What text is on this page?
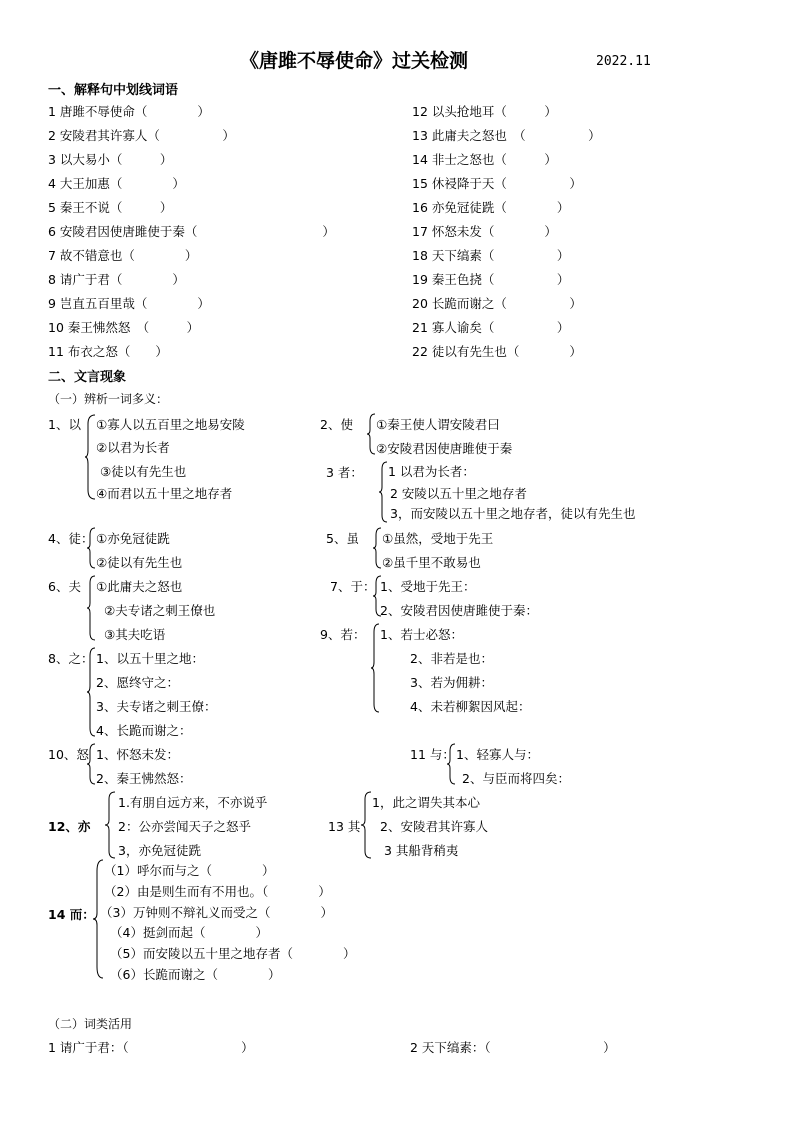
《唐雎不辱使命》过关检测	2022.11
一、解释句中划线词语
1 唐雎不辱使命（　　　　）
2 安陵君其许寡人（　　　　　）
3 以大易小（　　　）
4 大王加惠（　　　　）
5 秦王不说（　　　）
6 安陵君因使唐雎使于秦（　　　　　　　　　　）
7 故不错意也（　　　　）
8 请广于君（　　　　）
9 岂直五百里哉（　　　　）
10 秦王怫然怒　（　　　）
11 布衣之怒（　　）
12 以头抢地耳（　　　）
13 此庸夫之怒也　（　　　　　）
14 非士之怒也（　　　）
15 休祲降于天（　　　　　）
16 亦免冠徒跣（　　　　）
17 怀怒未发（　　　　）
18 天下缟素（　　　　　）
19 秦王色挠（　　　　　）
20 长跪而谢之（　　　　　）
21 寡人谕矣（　　　　　）
22 徒以有先生也（　　　　）
二、文言现象
（一）辨析一词多义：
1、以 ①寡人以五百里之地易安陵
②以君为长者
③徒以有先生也
④而君以五十里之地存者
2、使 ①秦王使人谓安陵君曰
②安陵君因使唐雎使于秦
3 者： 1 以君为长者：
2 安陵以五十里之地存者
3，而安陵以五十里之地存者，徒以有先生也
4、徒： ①亦免冠徒跣
②徒以有先生也
5、虽 ①虽然，受地于先王
②虽千里不敢易也
6、夫 ①此庸夫之怒也
②夫专诸之刺王僚也
③其夫吃语
7、于： 1、受地于先王：
2、安陵君因使唐雎使于秦：
8、之： 1、以五十里之地：
2、愿终守之：
3、夫专诸之刺王僚：
4、长跪而谢之：
9、若： 1、若士必怒：
2、非若是也：
3、若为佣耕：
4、未若柳絮因风起：
10、怒 1、怀怒未发：
2、秦王怫然怒：
11 与： 1、轻寡人与：
2、与臣而将四矣：
12、亦
1.有朋自远方来，不亦说乎
2：公亦尝闻天子之怒乎
3，亦免冠徒跣
13 其
1，此之谓失其本心
2、安陵君其许寡人
3 其船背稍夷
14 而：
（1）呼尔而与之（　　　　）
（2）由是则生而有不用也。（　　　　）
（3）万钟则不辩礼义而受之（　　　　）
（4）挺剑而起（　　　　）
（5）而安陵以五十里之地存者（　　　　）
（6）长跪而谢之（　　　　）
（二）词类活用
1 请广于君：（　　　　　　　　　）	2 天下缟素：（　　　　　　　　　）
